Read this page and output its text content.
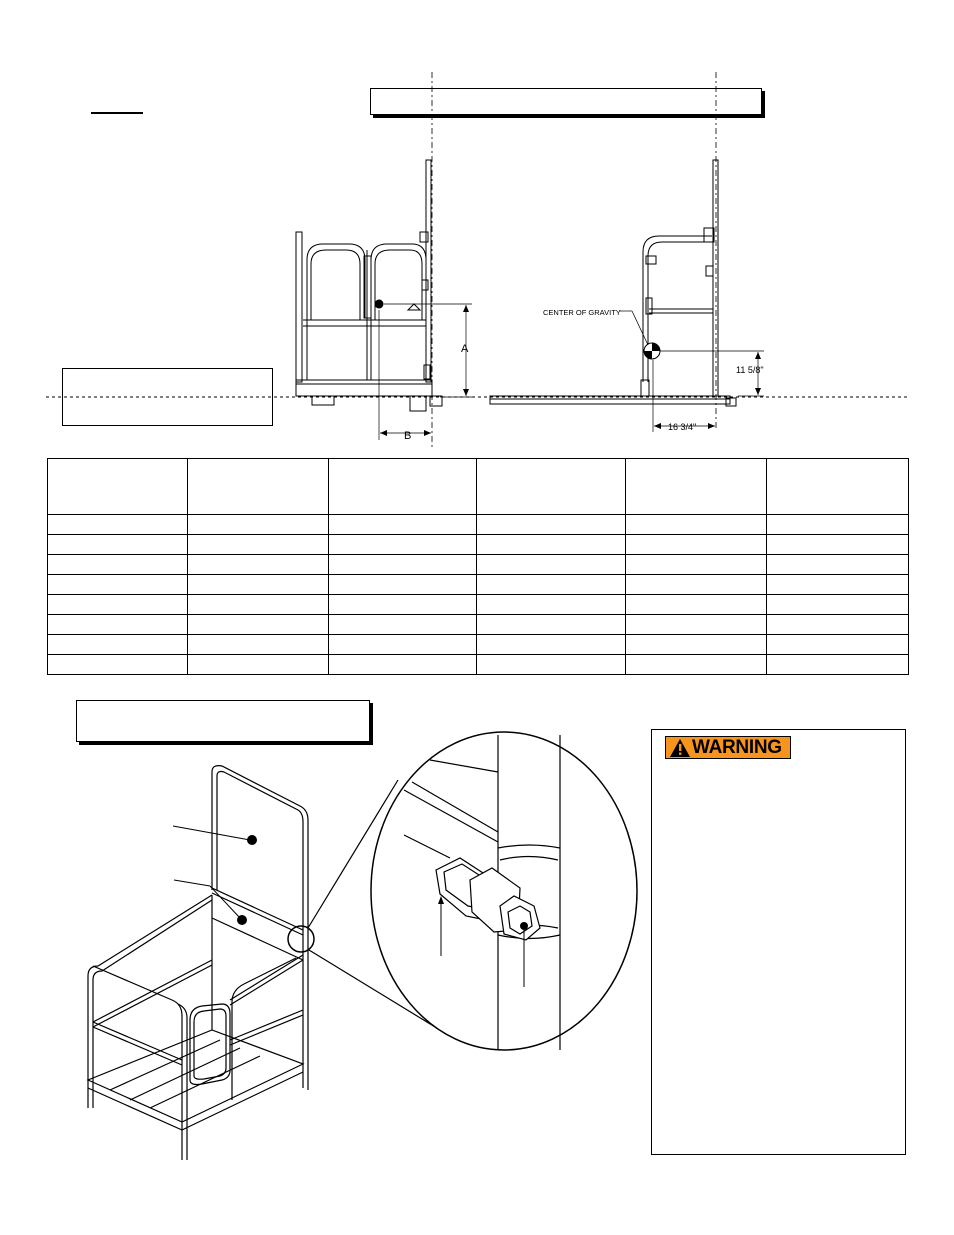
A
B
CENTER OF GRAVITY
11 5/8"
16 3/4"

WARNING
